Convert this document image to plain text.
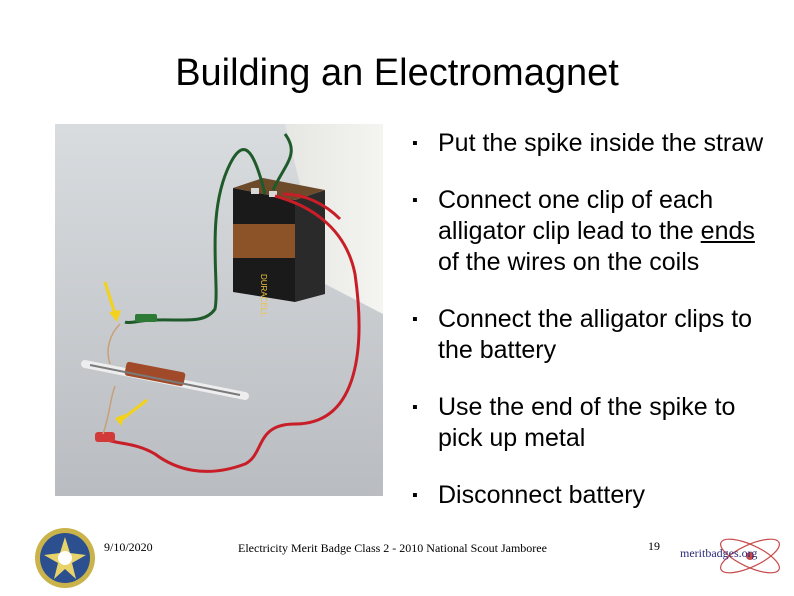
Building an Electromagnet
DURACELL
▪ Put the spike inside the straw
▪ Connect one clip of each alligator clip lead to the ends of the wires on the coils
▪ Connect the alligator clips to the battery
▪ Use the end of the spike to pick up metal
▪ Disconnect battery
9/10/2020	Electricity Merit Badge Class 2 - 2010 National Scout Jamboree	19 meritbadges.org
